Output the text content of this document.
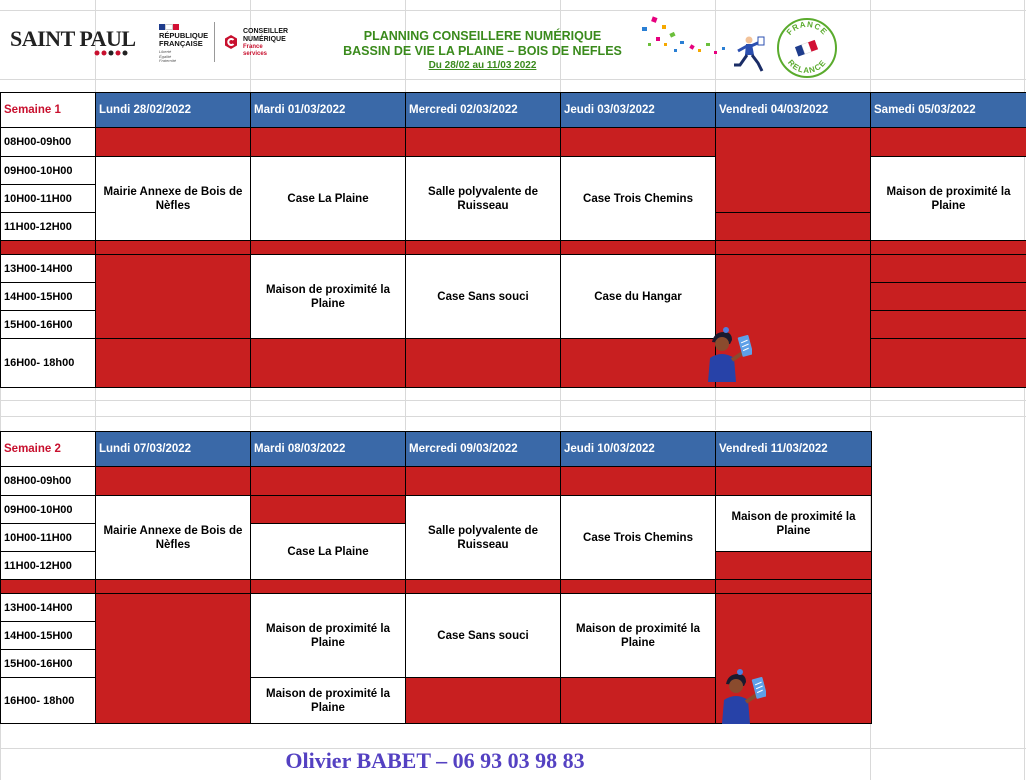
SAINT PAUL	RÉPUBLIQUE
FRANÇAISE
Liberté
Égalité
Fraternité
CONSEILLER
NUMÉRIQUE
France
services
PLANNING CONSEILLERE NUMÉRIQUE
BASSIN DE VIE LA PLAINE – BOIS DE NEFLES
Du 28/02 au 11/03 2022
FRANCE
RELANCE
Semaine 1	Lundi 28/02/2022	Mardi 01/03/2022	Mercredi 02/03/2022	Jeudi 03/03/2022	Vendredi 04/03/2022	Samedi 05/03/2022
08H00-09h00						
09H00-10H00	Mairie Annexe de Bois de Nèfles	Case La Plaine	Salle polyvalente de Ruisseau	Case Trois Chemins		Maison de proximité la Plaine
10H00-11H00						
11H00-12H00						

13H00-14H00		Maison de proximité la Plaine	Case Sans souci	Case du Hangar		
14H00-15H00						
15H00-16H00						
16H00- 18h00						
Semaine 2	Lundi 07/03/2022	Mardi 08/03/2022	Mercredi 09/03/2022	Jeudi 10/03/2022	Vendredi 11/03/2022
08H00-09h00					
09H00-10H00	Mairie Annexe de Bois de Nèfles		Salle polyvalente de Ruisseau	Case Trois Chemins	Maison de proximité la Plaine
10H00-11H00		Case La Plaine			
11H00-12H00					

13H00-14H00		Maison de proximité la Plaine	Case Sans souci	Maison de proximité la Plaine	
14H00-15H00					
15H00-16H00					
16H00- 18h00		Maison de proximité la Plaine			
Olivier BABET – 06 93 03 98 83
